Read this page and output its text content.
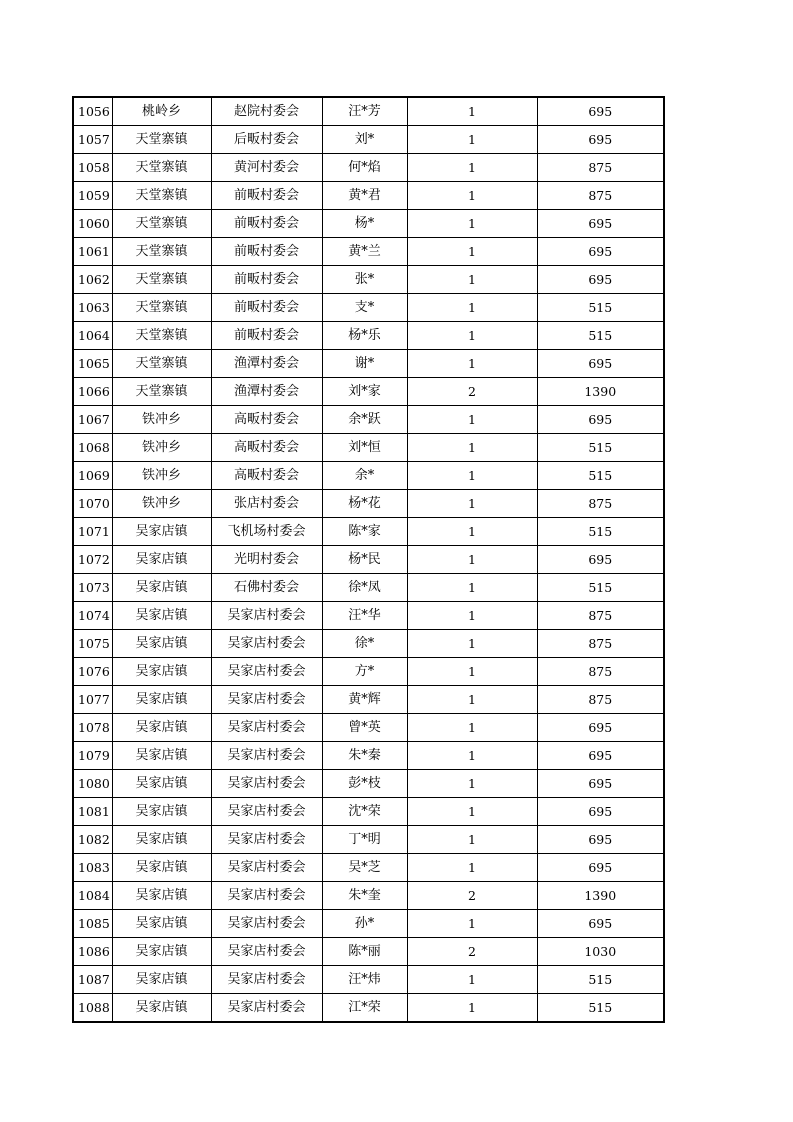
1056	桃岭乡	赵院村委会	汪*芳	1	695
1057	天堂寨镇	后畈村委会	刘*	1	695
1058	天堂寨镇	黄河村委会	何*焰	1	875
1059	天堂寨镇	前畈村委会	黄*君	1	875
1060	天堂寨镇	前畈村委会	杨*	1	695
1061	天堂寨镇	前畈村委会	黄*兰	1	695
1062	天堂寨镇	前畈村委会	张*	1	695
1063	天堂寨镇	前畈村委会	支*	1	515
1064	天堂寨镇	前畈村委会	杨*乐	1	515
1065	天堂寨镇	渔潭村委会	谢*	1	695
1066	天堂寨镇	渔潭村委会	刘*家	2	1390
1067	铁冲乡	高畈村委会	余*跃	1	695
1068	铁冲乡	高畈村委会	刘*恒	1	515
1069	铁冲乡	高畈村委会	余*	1	515
1070	铁冲乡	张店村委会	杨*花	1	875
1071	吴家店镇	飞机场村委会	陈*家	1	515
1072	吴家店镇	光明村委会	杨*民	1	695
1073	吴家店镇	石佛村委会	徐*凤	1	515
1074	吴家店镇	吴家店村委会	汪*华	1	875
1075	吴家店镇	吴家店村委会	徐*	1	875
1076	吴家店镇	吴家店村委会	方*	1	875
1077	吴家店镇	吴家店村委会	黄*辉	1	875
1078	吴家店镇	吴家店村委会	曾*英	1	695
1079	吴家店镇	吴家店村委会	朱*秦	1	695
1080	吴家店镇	吴家店村委会	彭*枝	1	695
1081	吴家店镇	吴家店村委会	沈*荣	1	695
1082	吴家店镇	吴家店村委会	丁*明	1	695
1083	吴家店镇	吴家店村委会	吴*芝	1	695
1084	吴家店镇	吴家店村委会	朱*奎	2	1390
1085	吴家店镇	吴家店村委会	孙*	1	695
1086	吴家店镇	吴家店村委会	陈*丽	2	1030
1087	吴家店镇	吴家店村委会	汪*炜	1	515
1088	吴家店镇	吴家店村委会	江*荣	1	515
